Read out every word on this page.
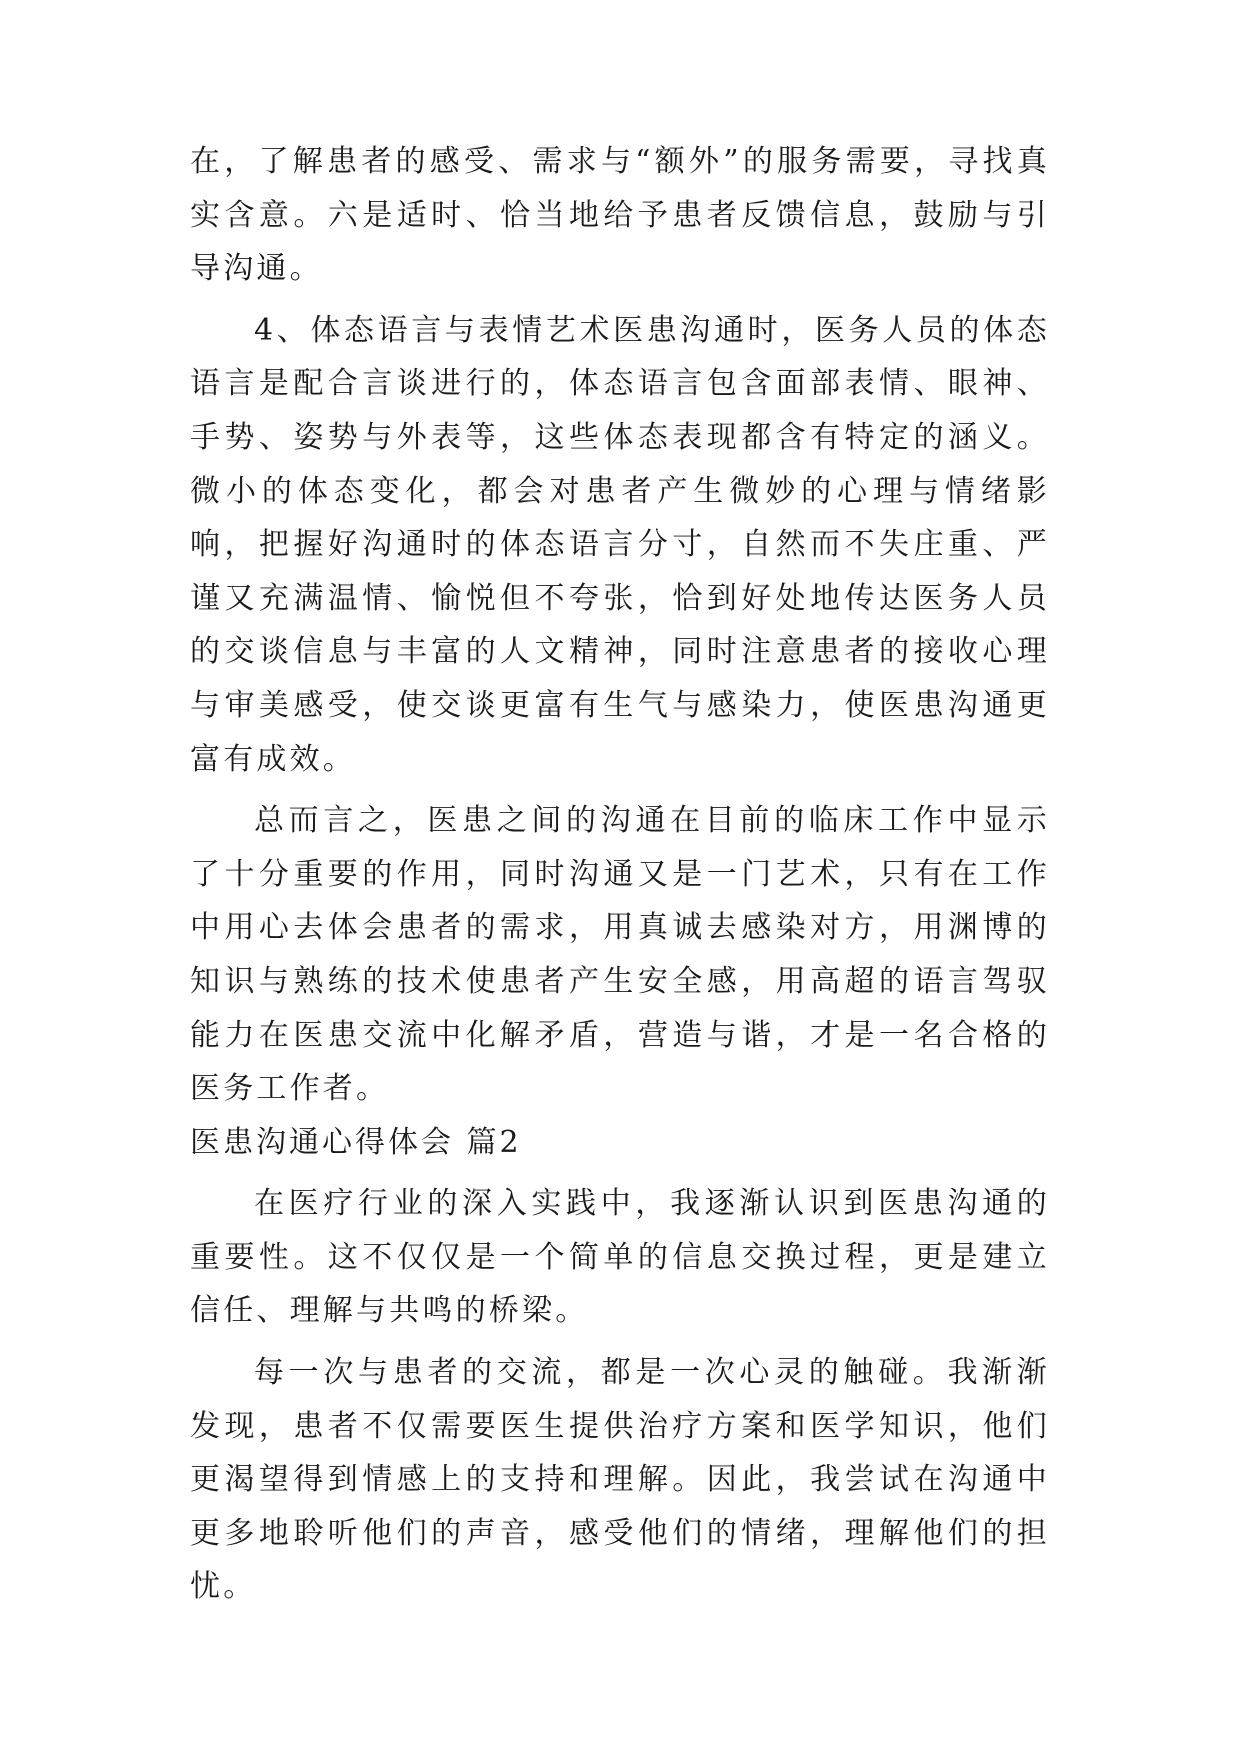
在，了解患者的感受、需求与“额外”的服务需要，寻找真实含意。六是适时、恰当地给予患者反馈信息，鼓励与引导沟通。

4、体态语言与表情艺术医患沟通时，医务人员的体态语言是配合言谈进行的，体态语言包含面部表情、眼神、手势、姿势与外表等，这些体态表现都含有特定的涵义。微小的体态变化，都会对患者产生微妙的心理与情绪影响，把握好沟通时的体态语言分寸，自然而不失庄重、严谨又充满温情、愉悦但不夸张，恰到好处地传达医务人员的交谈信息与丰富的人文精神，同时注意患者的接收心理与审美感受，使交谈更富有生气与感染力，使医患沟通更富有成效。

总而言之，医患之间的沟通在目前的临床工作中显示了十分重要的作用，同时沟通又是一门艺术，只有在工作中用心去体会患者的需求，用真诚去感染对方，用渊博的知识与熟练的技术使患者产生安全感，用高超的语言驾驭能力在医患交流中化解矛盾，营造与谐，才是一名合格的医务工作者。

医患沟通心得体会 篇2

在医疗行业的深入实践中，我逐渐认识到医患沟通的重要性。这不仅仅是一个简单的信息交换过程，更是建立信任、理解与共鸣的桥梁。

每一次与患者的交流，都是一次心灵的触碰。我渐渐发现，患者不仅需要医生提供治疗方案和医学知识，他们更渴望得到情感上的支持和理解。因此，我尝试在沟通中更多地聆听他们的声音，感受他们的情绪，理解他们的担忧。
